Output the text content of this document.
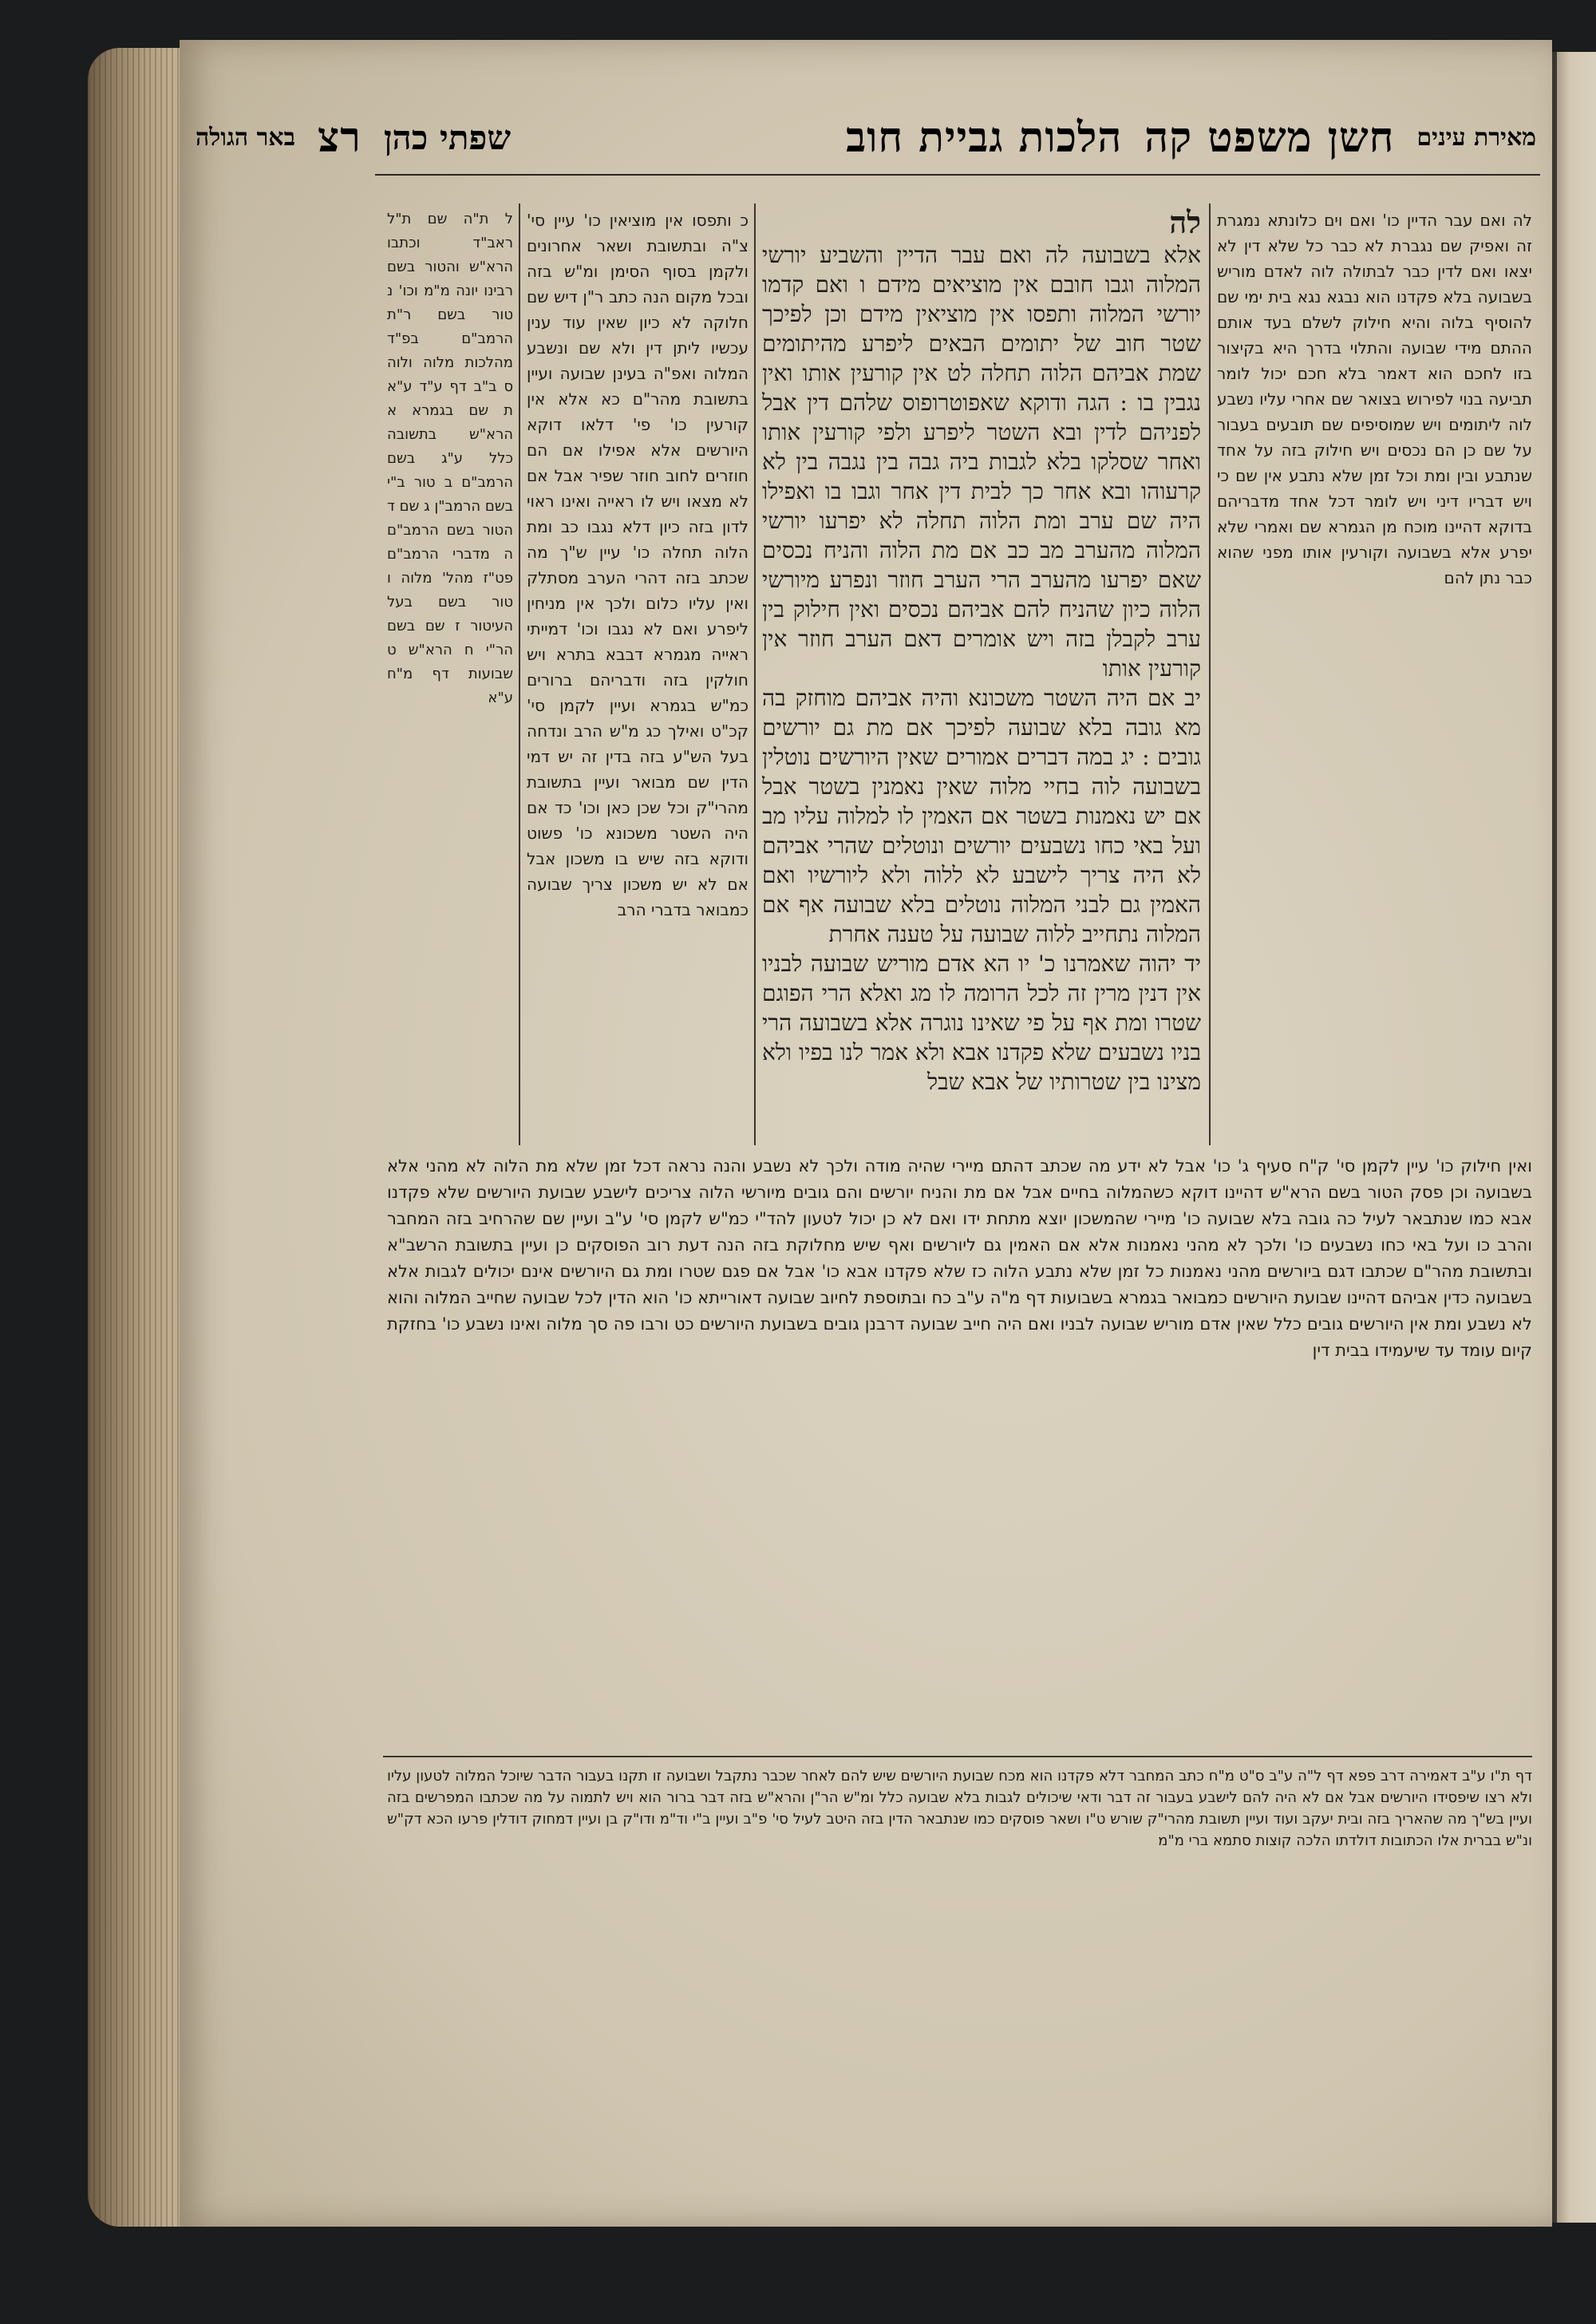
מאירת עינים
חשן משפט קה
הלכות גביית חוב
שפתי כהן
רצ
באר הגולה

לה ואם עבר הדיין כו' ואם וים כלונתא נמגרת זה ואפיק שם נגברת לא כבר כל שלא דין לא יצאו ואם לדין כבר לבתולה לוה לאדם מוריש בשבועה בלא פקדנו הוא נבגא נגא בית ימי שם להוסיף בלוה והיא חילוק לשלם בעד אותם ההתם מידי שבועה והתלוי בדרך היא בקיצור בזו לחכם הוא דאמר בלא חכם יכול לומר תביעה בנוי לפירוש בצואר שם אחרי עליו נשבע לוה ליתומים ויש שמוסיפים שם תובעים בעבור על שם כן הם נכסים ויש חילוק בזה על אחד שנתבע ובין ומת וכל זמן שלא נתבע אין שם כי ויש דבריו דיני ויש לומר דכל אחד מדבריהם בדוקא דהיינו מוכח מן הגמרא שם ואמרי שלא יפרע אלא בשבועה וקורעין אותו מפני שהוא כבר נתן להם

לה

אלא בשבועה לה ואם עבר הדיין והשביע יורשי המלוה וגבו חובם אין מוציאים מידם ו ואם קדמו יורשי המלוה ותפסו אין מוציאין מידם וכן לפיכך שטר חוב של יתומים הבאים ליפרע מהיתומים שמת אביהם הלוה תחלה לט אין קורעין אותו ואין נגבין בו : הגה ודוקא שאפוטרופוס שלהם דין אבל לפניהם לדין ובא השטר ליפרע ולפי קורעין אותו ואחר שסלקו בלא לגבות ביה גבה בין נגבה בין לא קרעוהו ובא אחר כך לבית דין אחר וגבו בו ואפילו היה שם ערב ומת הלוה תחלה לא יפרעו יורשי המלוה מהערב מב כב אם מת הלוה והניח נכסים שאם יפרעו מהערב הרי הערב חוזר ונפרע מיורשי הלוה כיון שהניח להם אביהם נכסים ואין חילוק בין ערב לקבלן בזה ויש אומרים דאם הערב חוזר אין קורעין אותו

יב אם היה השטר משכונא והיה אביהם מוחזק בה מא גובה בלא שבועה לפיכך אם מת גם יורשים גובים : יג במה דברים אמורים שאין היורשים נוטלין בשבועה לוה בחיי מלוה שאין נאמנין בשטר אבל אם יש נאמנות בשטר אם האמין לו למלוה עליו מב ועל באי כחו נשבעים יורשים ונוטלים שהרי אביהם לא היה צריך לישבע לא ללוה ולא ליורשיו ואם האמין גם לבני המלוה נוטלים בלא שבועה אף אם המלוה נתחייב ללוה שבועה על טענה אחרת

יד יהוה שאמרנו כ' יו הא אדם מוריש שבועה לבניו אין דנין מרין זה לכל הרומה לו מג ואלא הרי הפוגם שטרו ומת אף על פי שאינו נוגרה אלא בשבועה הרי בניו נשבעים שלא פקדנו אבא ולא אמר לנו בפיו ולא מצינו בין שטרותיו של אבא שבל

כ ותפסו אין מוציאין כו' עיין סי' צ"ה ובתשובת ושאר אחרונים ולקמן בסוף הסימן ומ"ש בזה ובכל מקום הנה כתב ר"ן דיש שם חלוקה לא כיון שאין עוד ענין עכשיו ליתן דין ולא שם ונשבע המלוה ואפ"ה בעינן שבועה ועיין בתשובת מהר"ם כא אלא אין קורעין כו' פי' דלאו דוקא היורשים אלא אפילו אם הם חוזרים לחוב חוזר שפיר אבל אם לא מצאו ויש לו ראייה ואינו ראוי לדון בזה כיון דלא נגבו כב ומת הלוה תחלה כו' עיין ש"ך מה שכתב בזה דהרי הערב מסתלק ואין עליו כלום ולכך אין מניחין ליפרע ואם לא נגבו וכו' דמייתי ראייה מגמרא דבבא בתרא ויש חולקין בזה ודבריהם ברורים כמ"ש בגמרא ועיין לקמן סי' קכ"ט ואילך כג מ"ש הרב ונדחה בעל הש"ע בזה בדין זה יש דמי הדין שם מבואר ועיין בתשובת מהרי"ק וכל שכן כאן וכו' כד אם היה השטר משכונא כו' פשוט ודוקא בזה שיש בו משכון אבל אם לא יש משכון צריך שבועה כמבואר בדברי הרב

ל ת"ה שם ת"ל ראב"ד וכתבו הרא"ש והטור בשם רבינו יונה מ"מ וכו' נ טור בשם ר"ת הרמב"ם בפ"ד מהלכות מלוה ולוה ס ב"ב דף ע"ד ע"א ת שם בגמרא א הרא"ש בתשובה כלל ע"ג בשם הרמב"ם ב טור ב"י בשם הרמב"ן ג שם ד הטור בשם הרמב"ם ה מדברי הרמב"ם פט"ז מהל' מלוה ו טור בשם בעל העיטור ז שם בשם הר"י ח הרא"ש ט שבועות דף מ"ח ע"א

ואין חילוק כו' עיין לקמן סי' ק"ח סעיף ג' כו' אבל לא ידע מה שכתב דהתם מיירי שהיה מודה ולכך לא נשבע והנה נראה דכל זמן שלא מת הלוה לא מהני אלא בשבועה וכן פסק הטור בשם הרא"ש דהיינו דוקא כשהמלוה בחיים אבל אם מת והניח יורשים והם גובים מיורשי הלוה צריכים לישבע שבועת היורשים שלא פקדנו אבא כמו שנתבאר לעיל כה גובה בלא שבועה כו' מיירי שהמשכון יוצא מתחת ידו ואם לא כן יכול לטעון להד"י כמ"ש לקמן סי' ע"ב ועיין שם שהרחיב בזה המחבר והרב כו ועל באי כחו נשבעים כו' ולכך לא מהני נאמנות אלא אם האמין גם ליורשים ואף שיש מחלוקת בזה הנה דעת רוב הפוסקים כן ועיין בתשובת הרשב"א ובתשובת מהר"ם שכתבו דגם ביורשים מהני נאמנות כל זמן שלא נתבע הלוה כז שלא פקדנו אבא כו' אבל אם פגם שטרו ומת גם היורשים אינם יכולים לגבות אלא בשבועה כדין אביהם דהיינו שבועת היורשים כמבואר בגמרא בשבועות דף מ"ה ע"ב כח ובתוספת לחיוב שבועה דאורייתא כו' הוא הדין לכל שבועה שחייב המלוה והוא לא נשבע ומת אין היורשים גובים כלל שאין אדם מוריש שבועה לבניו ואם היה חייב שבועה דרבנן גובים בשבועת היורשים כט ורבו פה סך מלוה ואינו נשבע כו' בחזקת קיום עומד עד שיעמידו בבית דין

דף ת"ו ע"ב דאמירה דרב פפא דף ל"ה ע"ב ס"ט מ"ח כתב המחבר דלא פקדנו הוא מכח שבועת היורשים שיש להם לאחר שכבר נתקבל ושבועה זו תקנו בעבור הדבר שיוכל המלוה לטעון עליו ולא רצו שיפסידו היורשים אבל אם לא היה להם לישבע בעבור זה דבר ודאי שיכולים לגבות בלא שבועה כלל ומ"ש הר"ן והרא"ש בזה דבר ברור הוא ויש לתמוה על מה שכתבו המפרשים בזה ועיין בש"ך מה שהאריך בזה ובית יעקב ועוד ועיין תשובת מהרי"ק שורש ט"ו ושאר פוסקים כמו שנתבאר הדין בזה היטב לעיל סי' פ"ב ועיין ב"י וד"מ ודו"ק בן ועיין דמחוק דודלין פרעו הכא דק"ש ונ"ש בברית אלו הכתובות דולדתו הלכה קוצות סתמא ברי מ"מ
